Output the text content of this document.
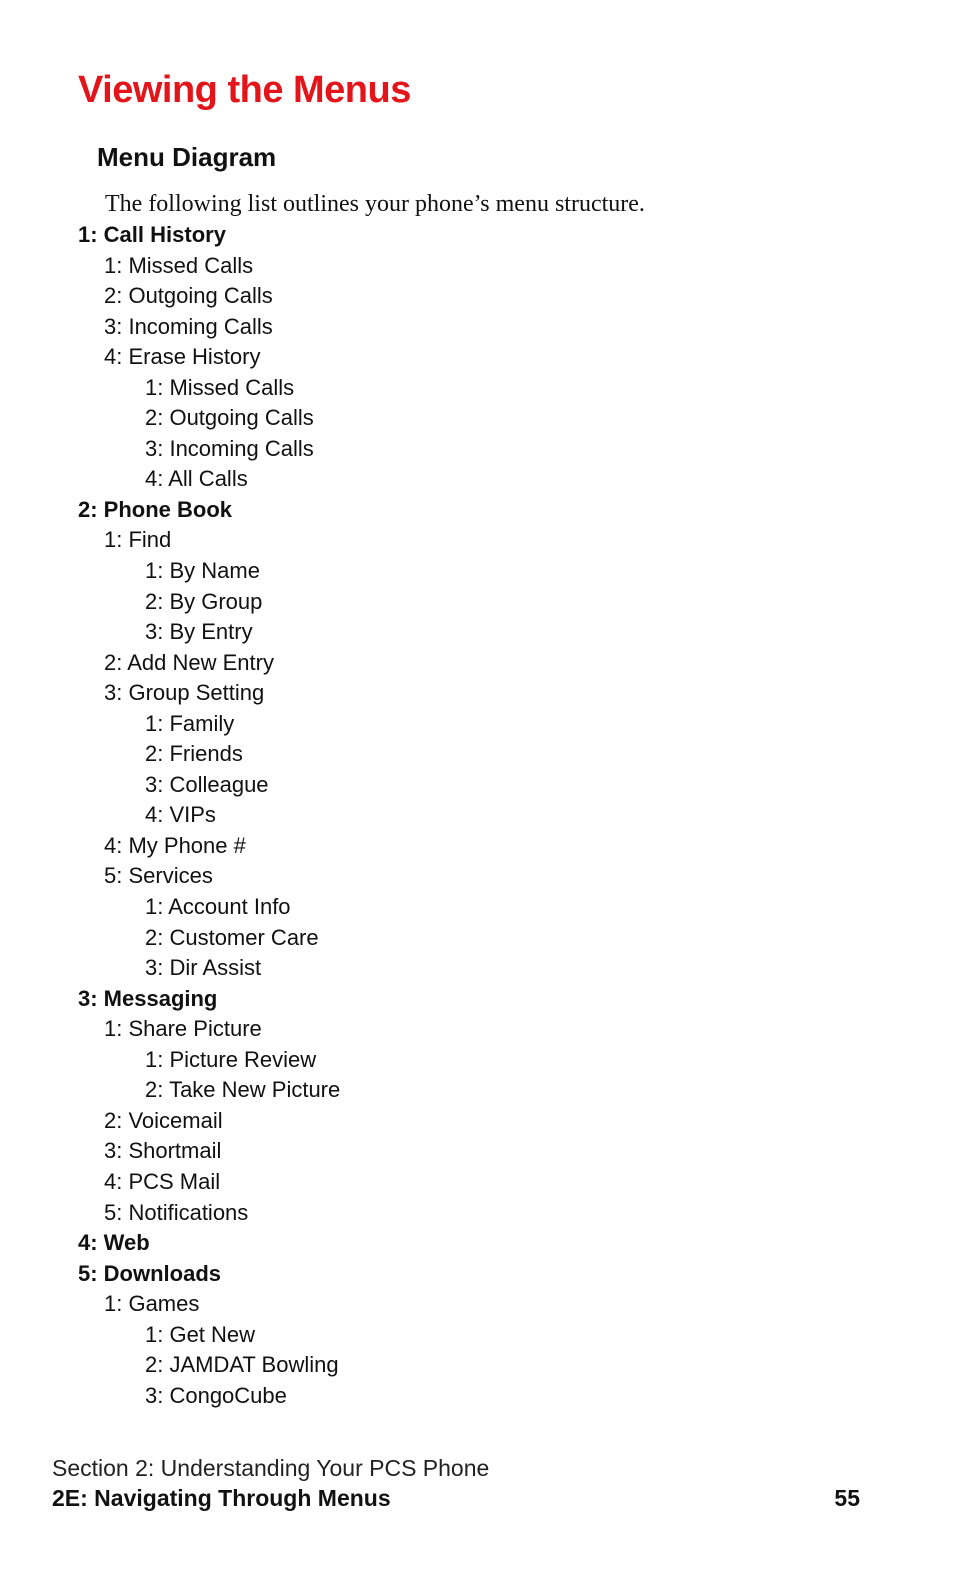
Viewing the Menus
Menu Diagram

The following list outlines your phone’s menu structure.

1: Call History
1: Missed Calls
2: Outgoing Calls
3: Incoming Calls
4: Erase History
1: Missed Calls
2: Outgoing Calls
3: Incoming Calls
4: All Calls
2: Phone Book
1: Find
1: By Name
2: By Group
3: By Entry
2: Add New Entry
3: Group Setting
1: Family
2: Friends
3: Colleague
4: VIPs
4: My Phone #
5: Services
1: Account Info
2: Customer Care
3: Dir Assist
3: Messaging
1: Share Picture
1: Picture Review
2: Take New Picture
2: Voicemail
3: Shortmail
4: PCS Mail
5: Notifications
4: Web
5: Downloads
1: Games
1: Get New
2: JAMDAT Bowling
3: CongoCube

Section 2: Understanding Your PCS Phone

2E: Navigating Through Menus	55
